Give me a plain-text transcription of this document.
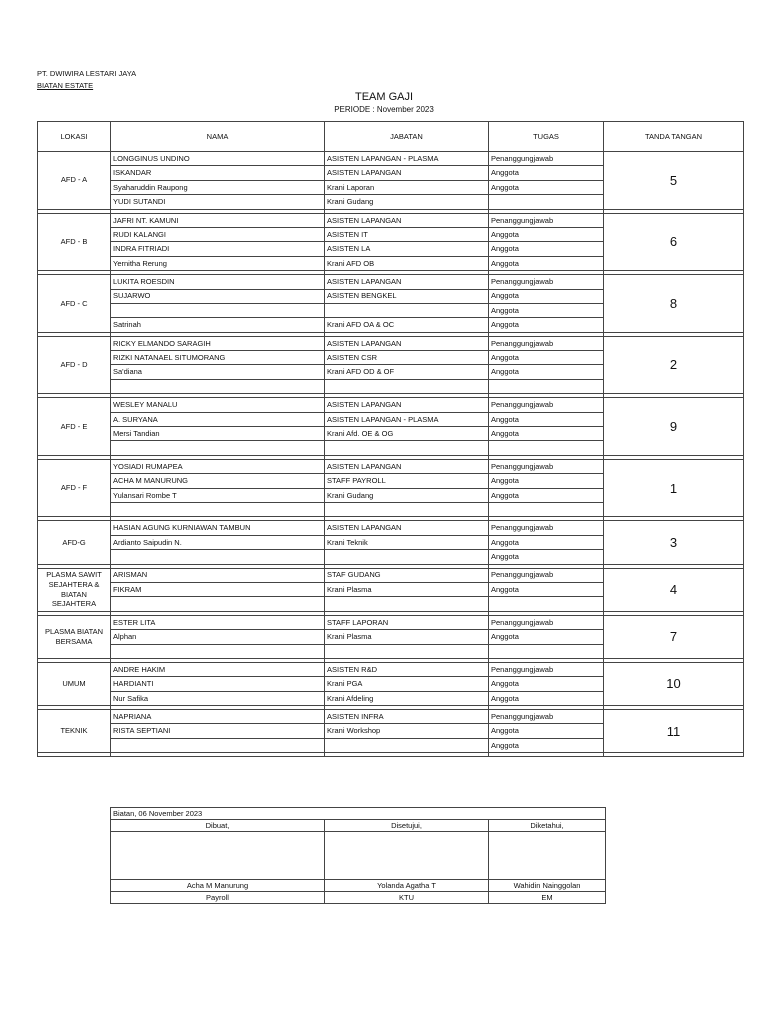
PT. DWIWIRA LESTARI JAYA
BIATAN ESTATE
TEAM GAJI
PERIODE : November 2023
LOKASI	NAMA	JABATAN	TUGAS	TANDA TANGAN
AFD - A	LONGGINUS UNDINO	ASISTEN LAPANGAN - PLASMA	Penanggungjawab	5
	ISKANDAR	ASISTEN LAPANGAN	Anggota	
	Syaharuddin Raupong	Krani Laporan	Anggota	
	YUDI SUTANDI	Krani Gudang		

AFD - B	JAFRI NT. KAMUNI	ASISTEN LAPANGAN	Penanggungjawab	6
	RUDI KALANGI	ASISTEN IT	Anggota	
	INDRA FITRIADI	ASISTEN LA	Anggota	
	Yernitha Rerung	Krani AFD OB	Anggota	

AFD - C	LUKITA ROESDIN	ASISTEN LAPANGAN	Penanggungjawab	8
	SUJARWO	ASISTEN BENGKEL	Anggota	
			Anggota	
	Satrinah	Krani AFD OA & OC	Anggota	

AFD - D	RICKY ELMANDO SARAGIH	ASISTEN LAPANGAN	Penanggungjawab	2
	RIZKI NATANAEL SITUMORANG	ASISTEN CSR	Anggota	
	Sa'diana	Krani AFD OD & OF	Anggota	

AFD - E	WESLEY MANALU	ASISTEN LAPANGAN	Penanggungjawab	9
	A. SURYANA	ASISTEN LAPANGAN - PLASMA	Anggota	
	Mersi Tandian	Krani Afd. OE & OG	Anggota	

AFD - F	YOSIADI RUMAPEA	ASISTEN LAPANGAN	Penanggungjawab	1
	ACHA M MANURUNG	STAFF PAYROLL	Anggota	
	Yulansari Rombe T	Krani Gudang	Anggota	

AFD-G	HASIAN AGUNG KURNIAWAN TAMBUN	ASISTEN LAPANGAN	Penanggungjawab	3
	Ardianto Saipudin N.	Krani Teknik	Anggota	
			Anggota	

PLASMA SAWIT SEJAHTERA & BIATAN SEJAHTERA	ARISMAN	STAF GUDANG	Penanggungjawab	4
	FIKRAM	Krani Plasma	Anggota	

PLASMA BIATAN BERSAMA	ESTER LITA	STAFF LAPORAN	Penanggungjawab	7
	Alphan	Krani Plasma	Anggota	

UMUM	ANDRE HAKIM	ASISTEN R&D	Penanggungjawab	10
	HARDIANTI	Krani PGA	Anggota	
	Nur Safika	Krani Afdeling	Anggota	

TEKNIK	NAPRIANA	ASISTEN INFRA	Penanggungjawab	11
	RISTA SEPTIANI	Krani Workshop	Anggota	
			Anggota	

Biatan, 06 November 2023		
Dibuat,	Disetujui,	Diketahui,

Acha M Manurung	Yolanda Agatha T	Wahidin Nainggolan
Payroll	KTU	EM
